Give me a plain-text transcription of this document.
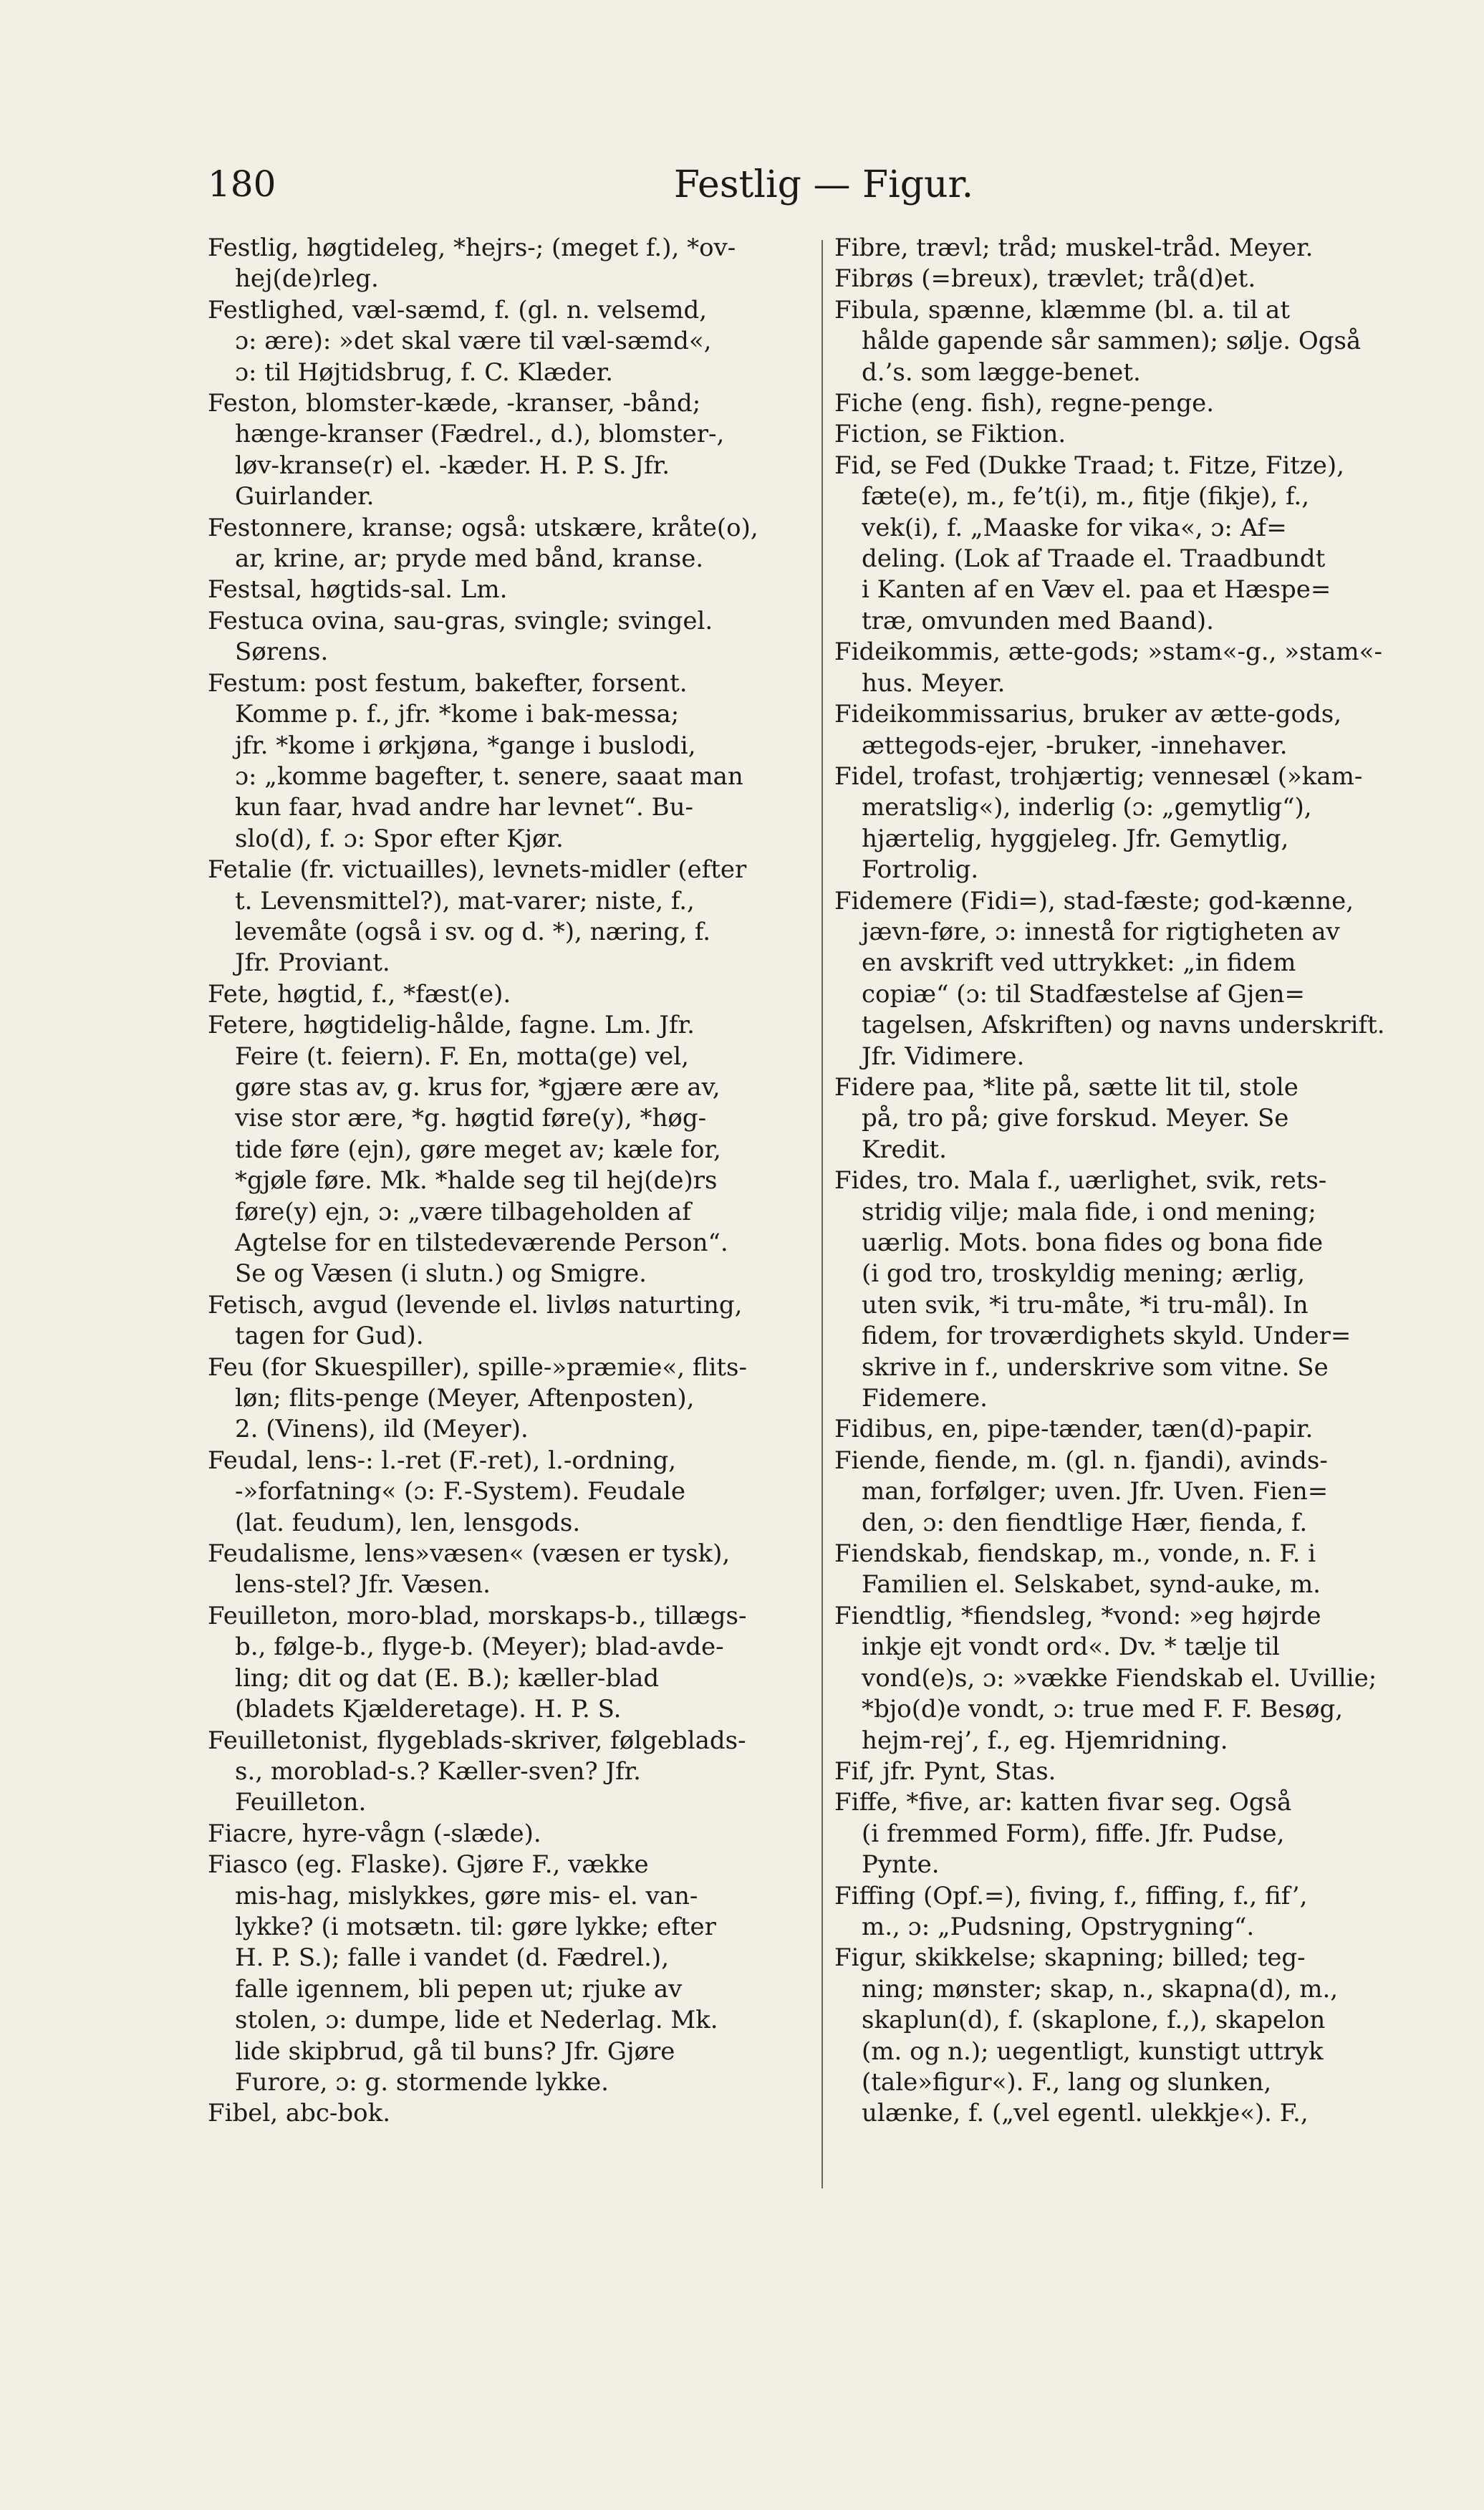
180	Festlig — Figur.

Festlig, høgtideleg, *hejrs-; (meget f.), *ov-
hej(de)rleg.

Festlighed, væl-sæmd, f. (gl. n. velsemd,
ɔ: ære): »det skal være til væl-sæmd«,
ɔ: til Højtidsbrug, f. C. Klæder.

Feston, blomster-kæde, -kranser, -bånd;
hænge-kranser (Fædrel., d.), blomster-,
løv-kranse(r) el. -kæder. H. P. S. Jfr.
Guirlander.

Festonnere, kranse; også: utskære, kråte(o),
ar, krine, ar; pryde med bånd, kranse.

Festsal, høgtids-sal. Lm.

Festuca ovina, sau-gras, svingle; svingel.
Sørens.

Festum: post festum, bakefter, forsent.
Komme p. f., jfr. *kome i bak-messa;
jfr. *kome i ørkjøna, *gange i buslodi,
ɔ: „komme bagefter, t. senere, saaat man
kun faar, hvad andre har levnet“. Bu-
slo(d), f. ɔ: Spor efter Kjør.

Fetalie (fr. victuailles), levnets-midler (efter
t. Levensmittel?), mat-varer; niste, f.,
levemåte (også i sv. og d. *), næring, f.
Jfr. Proviant.

Fete, høgtid, f., *fæst(e).

Fetere, høgtidelig-hålde, fagne. Lm. Jfr.
Feire (t. feiern). F. En, motta(ge) vel,
gøre stas av, g. krus for, *gjære ære av,
vise stor ære, *g. høgtid føre(y), *høg-
tide føre (ejn), gøre meget av; kæle for,
*gjøle føre. Mk. *halde seg til hej(de)rs
føre(y) ejn, ɔ: „være tilbageholden af
Agtelse for en tilstedeværende Person“.
Se og Væsen (i slutn.) og Smigre.

Fetisch, avgud (levende el. livløs naturting,
tagen for Gud).

Feu (for Skuespiller), spille-»præmie«, flits-
løn; flits-penge (Meyer, Aftenposten),
2. (Vinens), ild (Meyer).

Feudal, lens-: l.-ret (F.-ret), l.-ordning,
-»forfatning« (ɔ: F.-System). Feudale
(lat. feudum), len, lensgods.

Feudalisme, lens»væsen« (væsen er tysk),
lens-stel? Jfr. Væsen.

Feuilleton, moro-blad, morskaps-b., tillægs-
b., følge-b., flyge-b. (Meyer); blad-avde-
ling; dit og dat (E. B.); kæller-blad
(bladets Kjælderetage). H. P. S.

Feuilletonist, flygeblads-skriver, følgeblads-
s., moroblad-s.? Kæller-sven? Jfr.
Feuilleton.

Fiacre, hyre-vågn (-slæde).

Fiasco (eg. Flaske). Gjøre F., vække
mis-hag, mislykkes, gøre mis- el. van-
lykke? (i motsætn. til: gøre lykke; efter
H. P. S.); falle i vandet (d. Fædrel.),
falle igennem, bli pepen ut; rjuke av
stolen, ɔ: dumpe, lide et Nederlag. Mk.
lide skipbrud, gå til buns? Jfr. Gjøre
Furore, ɔ: g. stormende lykke.

Fibel, abc-bok.

Fibre, trævl; tråd; muskel-tråd. Meyer.

Fibrøs (=breux), trævlet; trå(d)et.

Fibula, spænne, klæmme (bl. a. til at
hålde gapende sår sammen); sølje. Også
d.’s. som lægge-benet.

Fiche (eng. fish), regne-penge.

Fiction, se Fiktion.

Fid, se Fed (Dukke Traad; t. Fitze, Fitze),
fæte(e), m., fe’t(i), m., fitje (fikje), f.,
vek(i), f. „Maaske for vika«, ɔ: Af=
deling. (Lok af Traade el. Traadbundt
i Kanten af en Væv el. paa et Hæspe=
træ, omvunden med Baand).

Fideikommis, ætte-gods; »stam«-g., »stam«-
hus. Meyer.

Fideikommissarius, bruker av ætte-gods,
ættegods-ejer, -bruker, -innehaver.

Fidel, trofast, trohjærtig; vennesæl (»kam-
meratslig«), inderlig (ɔ: „gemytlig“),
hjærtelig, hyggjeleg. Jfr. Gemytlig,
Fortrolig.

Fidemere (Fidi=), stad-fæste; god-kænne,
jævn-føre, ɔ: innestå for rigtigheten av
en avskrift ved uttrykket: „in fidem
copiæ“ (ɔ: til Stadfæstelse af Gjen=
tagelsen, Afskriften) og navns underskrift.
Jfr. Vidimere.

Fidere paa, *lite på, sætte lit til, stole
på, tro på; give forskud. Meyer. Se
Kredit.

Fides, tro. Mala f., uærlighet, svik, rets-
stridig vilje; mala fide, i ond mening;
uærlig. Mots. bona fides og bona fide
(i god tro, troskyldig mening; ærlig,
uten svik, *i tru-måte, *i tru-mål). In
fidem, for troværdighets skyld. Under=
skrive in f., underskrive som vitne. Se
Fidemere.

Fidibus, en, pipe-tænder, tæn(d)-papir.

Fiende, fiende, m. (gl. n. fjandi), avinds-
man, forfølger; uven. Jfr. Uven. Fien=
den, ɔ: den fiendtlige Hær, fienda, f.

Fiendskab, fiendskap, m., vonde, n. F. i
Familien el. Selskabet, synd-auke, m.

Fiendtlig, *fiendsleg, *vond: »eg højrde
inkje ejt vondt ord«. Dv. * tælje til
vond(e)s, ɔ: »vække Fiendskab el. Uvillie;
*bjo(d)e vondt, ɔ: true med F. F. Besøg,
hejm-rej’, f., eg. Hjemridning.

Fif, jfr. Pynt, Stas.

Fiffe, *five, ar: katten fivar seg. Også
(i fremmed Form), fiffe. Jfr. Pudse,
Pynte.

Fiffing (Opf.=), fiving, f., fiffing, f., fif’,
m., ɔ: „Pudsning, Opstrygning“.

Figur, skikkelse; skapning; billed; teg-
ning; mønster; skap, n., skapna(d), m.,
skaplun(d), f. (skaplone, f.,), skapelon
(m. og n.); uegentligt, kunstigt uttryk
(tale»figur«). F., lang og slunken,
ulænke, f. („vel egentl. ulekkje«). F.,
